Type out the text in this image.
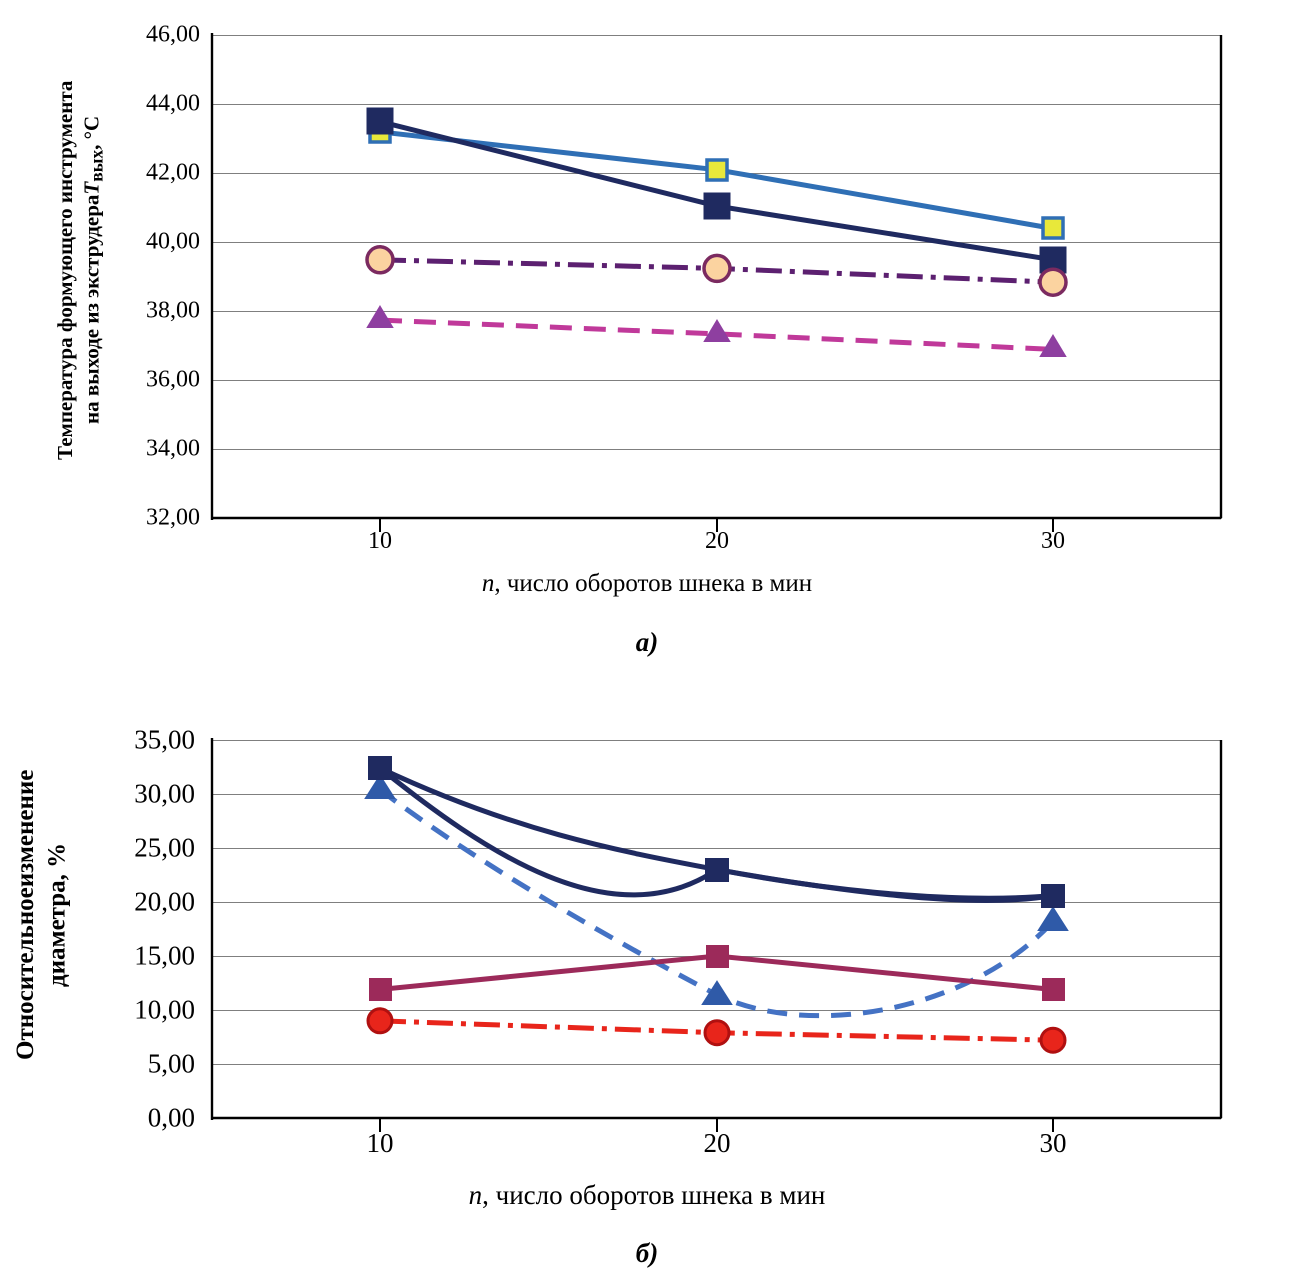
Температура формующего инструмента на выходе из экструдераT$_{вых}$, °С
46,00
44,00
42,00
40,00
38,00
36,00
34,00
32,00
10	20	30
n, число оборотов шнека в мин
а)
Относительноеизменение
диаметра, %
35,00
30,00
25,00
20,00
15,00
10,00
5,00
0,00
10	20	30
n, число оборотов шнека в мин
б)
